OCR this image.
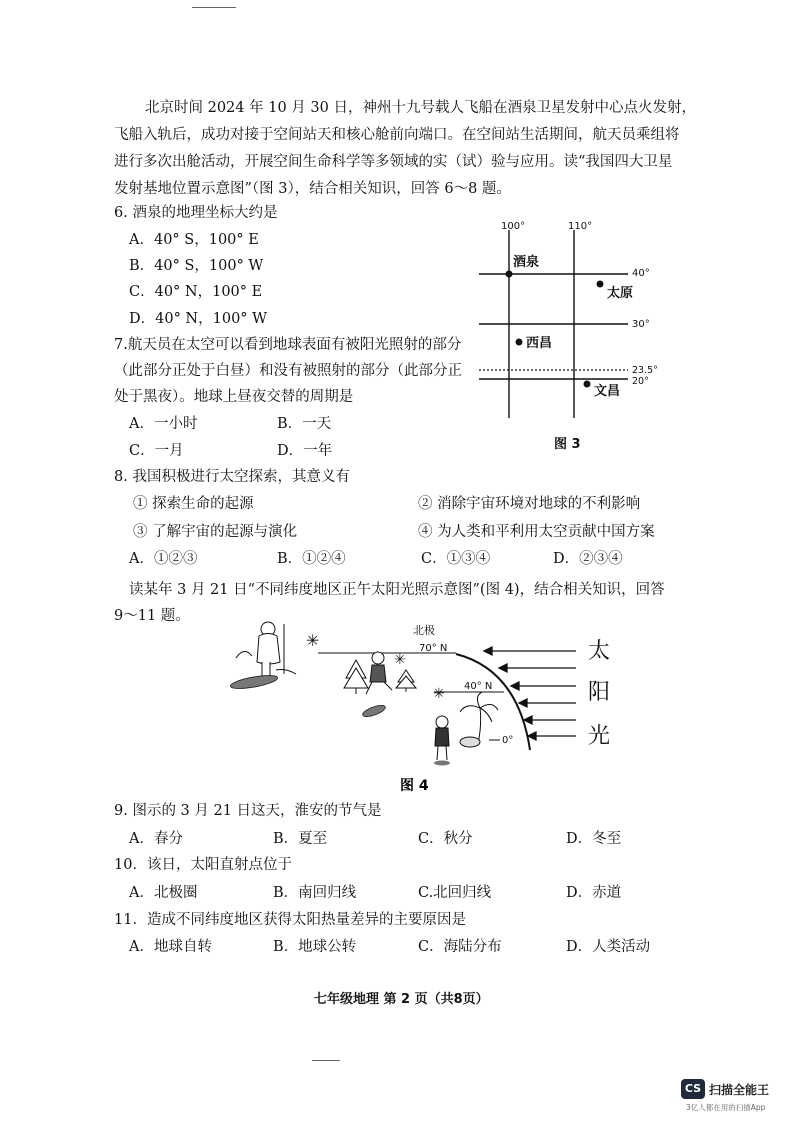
北京时间 2024 年 10 月 30 日，神州十九号载人飞船在酒泉卫星发射中心点火发射，
飞船入轨后，成功对接于空间站天和核心舱前向端口。在空间站生活期间，航天员乘组将
进行多次出舱活动，开展空间生命科学等多领域的实（试）验与应用。读“我国四大卫星
发射基地位置示意图”（图 3），结合相关知识，回答 6～8 题。
6. 酒泉的地理坐标大约是
A．40° S，100° E
B．40° S，100° W
C．40° N，100° E
D．40° N，100° W
7.航天员在太空可以看到地球表面有被阳光照射的部分
（此部分正处于白昼）和没有被照射的部分（此部分正
处于黑夜）。地球上昼夜交替的周期是
A．一小时	B．一天
C．一月	D．一年
100°	110°
40°
30°
23.5°
20°
酒泉
太原
西昌
文昌
图 3
8. 我国积极进行太空探索，其意义有
① 探索生命的起源	② 消除宇宙环境对地球的不利影响
③ 了解宇宙的起源与演化	④ 为人类和平利用太空贡献中国方案
A．①②③	B．①②④	C．①③④	D．②③④
读某年 3 月 21 日“不同纬度地区正午太阳光照示意图”(图 4)，结合相关知识，回答
9～11 题。
北极
70° N
40° N
0°
太
阳
光
✳
✳
✳
图 4
9. 图示的 3 月 21 日这天，淮安的节气是
A．春分	B．夏至	C．秋分	D．冬至
10．该日，太阳直射点位于
A．北极圈	B．南回归线	C.北回归线	D．赤道
11．造成不同纬度地区获得太阳热量差异的主要原因是
A．地球自转	B．地球公转	C．海陆分布	D．人类活动
七年级地理 第 2 页（共8页）
CS 扫描全能王
3亿人都在用的扫描App
